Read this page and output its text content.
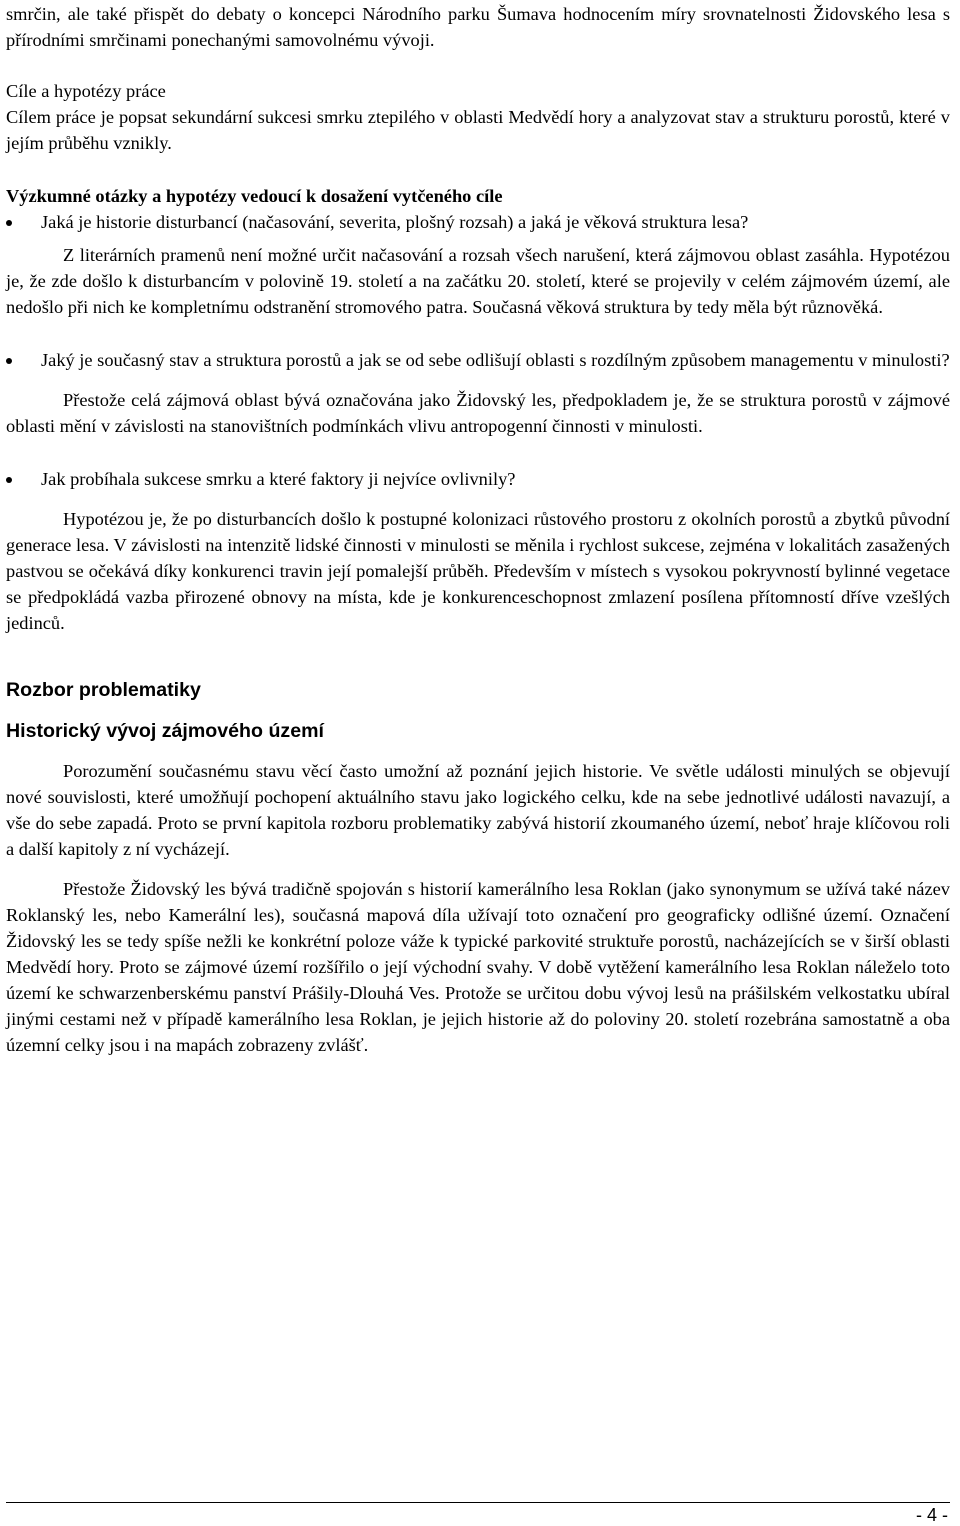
smrčin, ale také přispět do debaty o koncepci Národního parku Šumava hodnocením míry srovnatelnosti Židovského lesa s přírodními smrčinami ponechanými samovolnému vývoji.

Cíle a hypotézy práce

Cílem práce je popsat sekundární sukcesi smrku ztepilého v oblasti Medvědí hory a analyzovat stav a strukturu porostů, které v jejím průběhu vznikly.

Výzkumné otázky a hypotézy vedoucí k dosažení vytčeného cíle

Jaká je historie disturbancí (načasování, severita, plošný rozsah) a jaká je věková struktura lesa?

Z literárních pramenů není možné určit načasování a rozsah všech narušení, která zájmovou oblast zasáhla. Hypotézou je, že zde došlo k disturbancím v polovině 19. století a na začátku 20. století, které se projevily v celém zájmovém území, ale nedošlo při nich ke kompletnímu odstranění stromového patra. Současná věková struktura by tedy měla být různověká.

Jaký je současný stav a struktura porostů a jak se od sebe odlišují oblasti s rozdílným způsobem managementu v minulosti?

Přestože celá zájmová oblast bývá označována jako Židovský les, předpokladem je, že se struktura porostů v zájmové oblasti mění v závislosti na stanovištních podmínkách vlivu antropogenní činnosti v minulosti.

Jak probíhala sukcese smrku a které faktory ji nejvíce ovlivnily?

Hypotézou je, že po disturbancích došlo k postupné kolonizaci růstového prostoru z okolních porostů a zbytků původní generace lesa. V závislosti na intenzitě lidské činnosti v minulosti se měnila i rychlost sukcese, zejména v lokalitách zasažených pastvou se očekává díky konkurenci travin její pomalejší průběh. Především v místech s vysokou pokryvností bylinné vegetace se předpokládá vazba přirozené obnovy na místa, kde je konkurenceschopnost zmlazení posílena přítomností dříve vzešlých jedinců.

Rozbor problematiky
Historický vývoj zájmového území

Porozumění současnému stavu věcí často umožní až poznání jejich historie. Ve světle události minulých se objevují nové souvislosti, které umožňují pochopení aktuálního stavu jako logického celku, kde na sebe jednotlivé události navazují, a vše do sebe zapadá. Proto se první kapitola rozboru problematiky zabývá historií zkoumaného území, neboť hraje klíčovou roli a další kapitoly z ní vycházejí.

Přestože Židovský les bývá tradičně spojován s historií kamerálního lesa Roklan (jako synonymum se užívá také název Roklanský les, nebo Kamerální les), současná mapová díla užívají toto označení pro geograficky odlišné území. Označení Židovský les se tedy spíše nežli ke konkrétní poloze váže k typické parkovité struktuře porostů, nacházejících se v širší oblasti Medvědí hory. Proto se zájmové území rozšířilo o její východní svahy. V době vytěžení kamerálního lesa Roklan náleželo toto území ke schwarzenberskému panství Prášily-Dlouhá Ves. Protože se určitou dobu vývoj lesů na prášilském velkostatku ubíral jinými cestami než v případě kamerálního lesa Roklan, je jejich historie až do poloviny 20. století rozebrána samostatně a oba územní celky jsou i na mapách zobrazeny zvlášť.

- 4 -
